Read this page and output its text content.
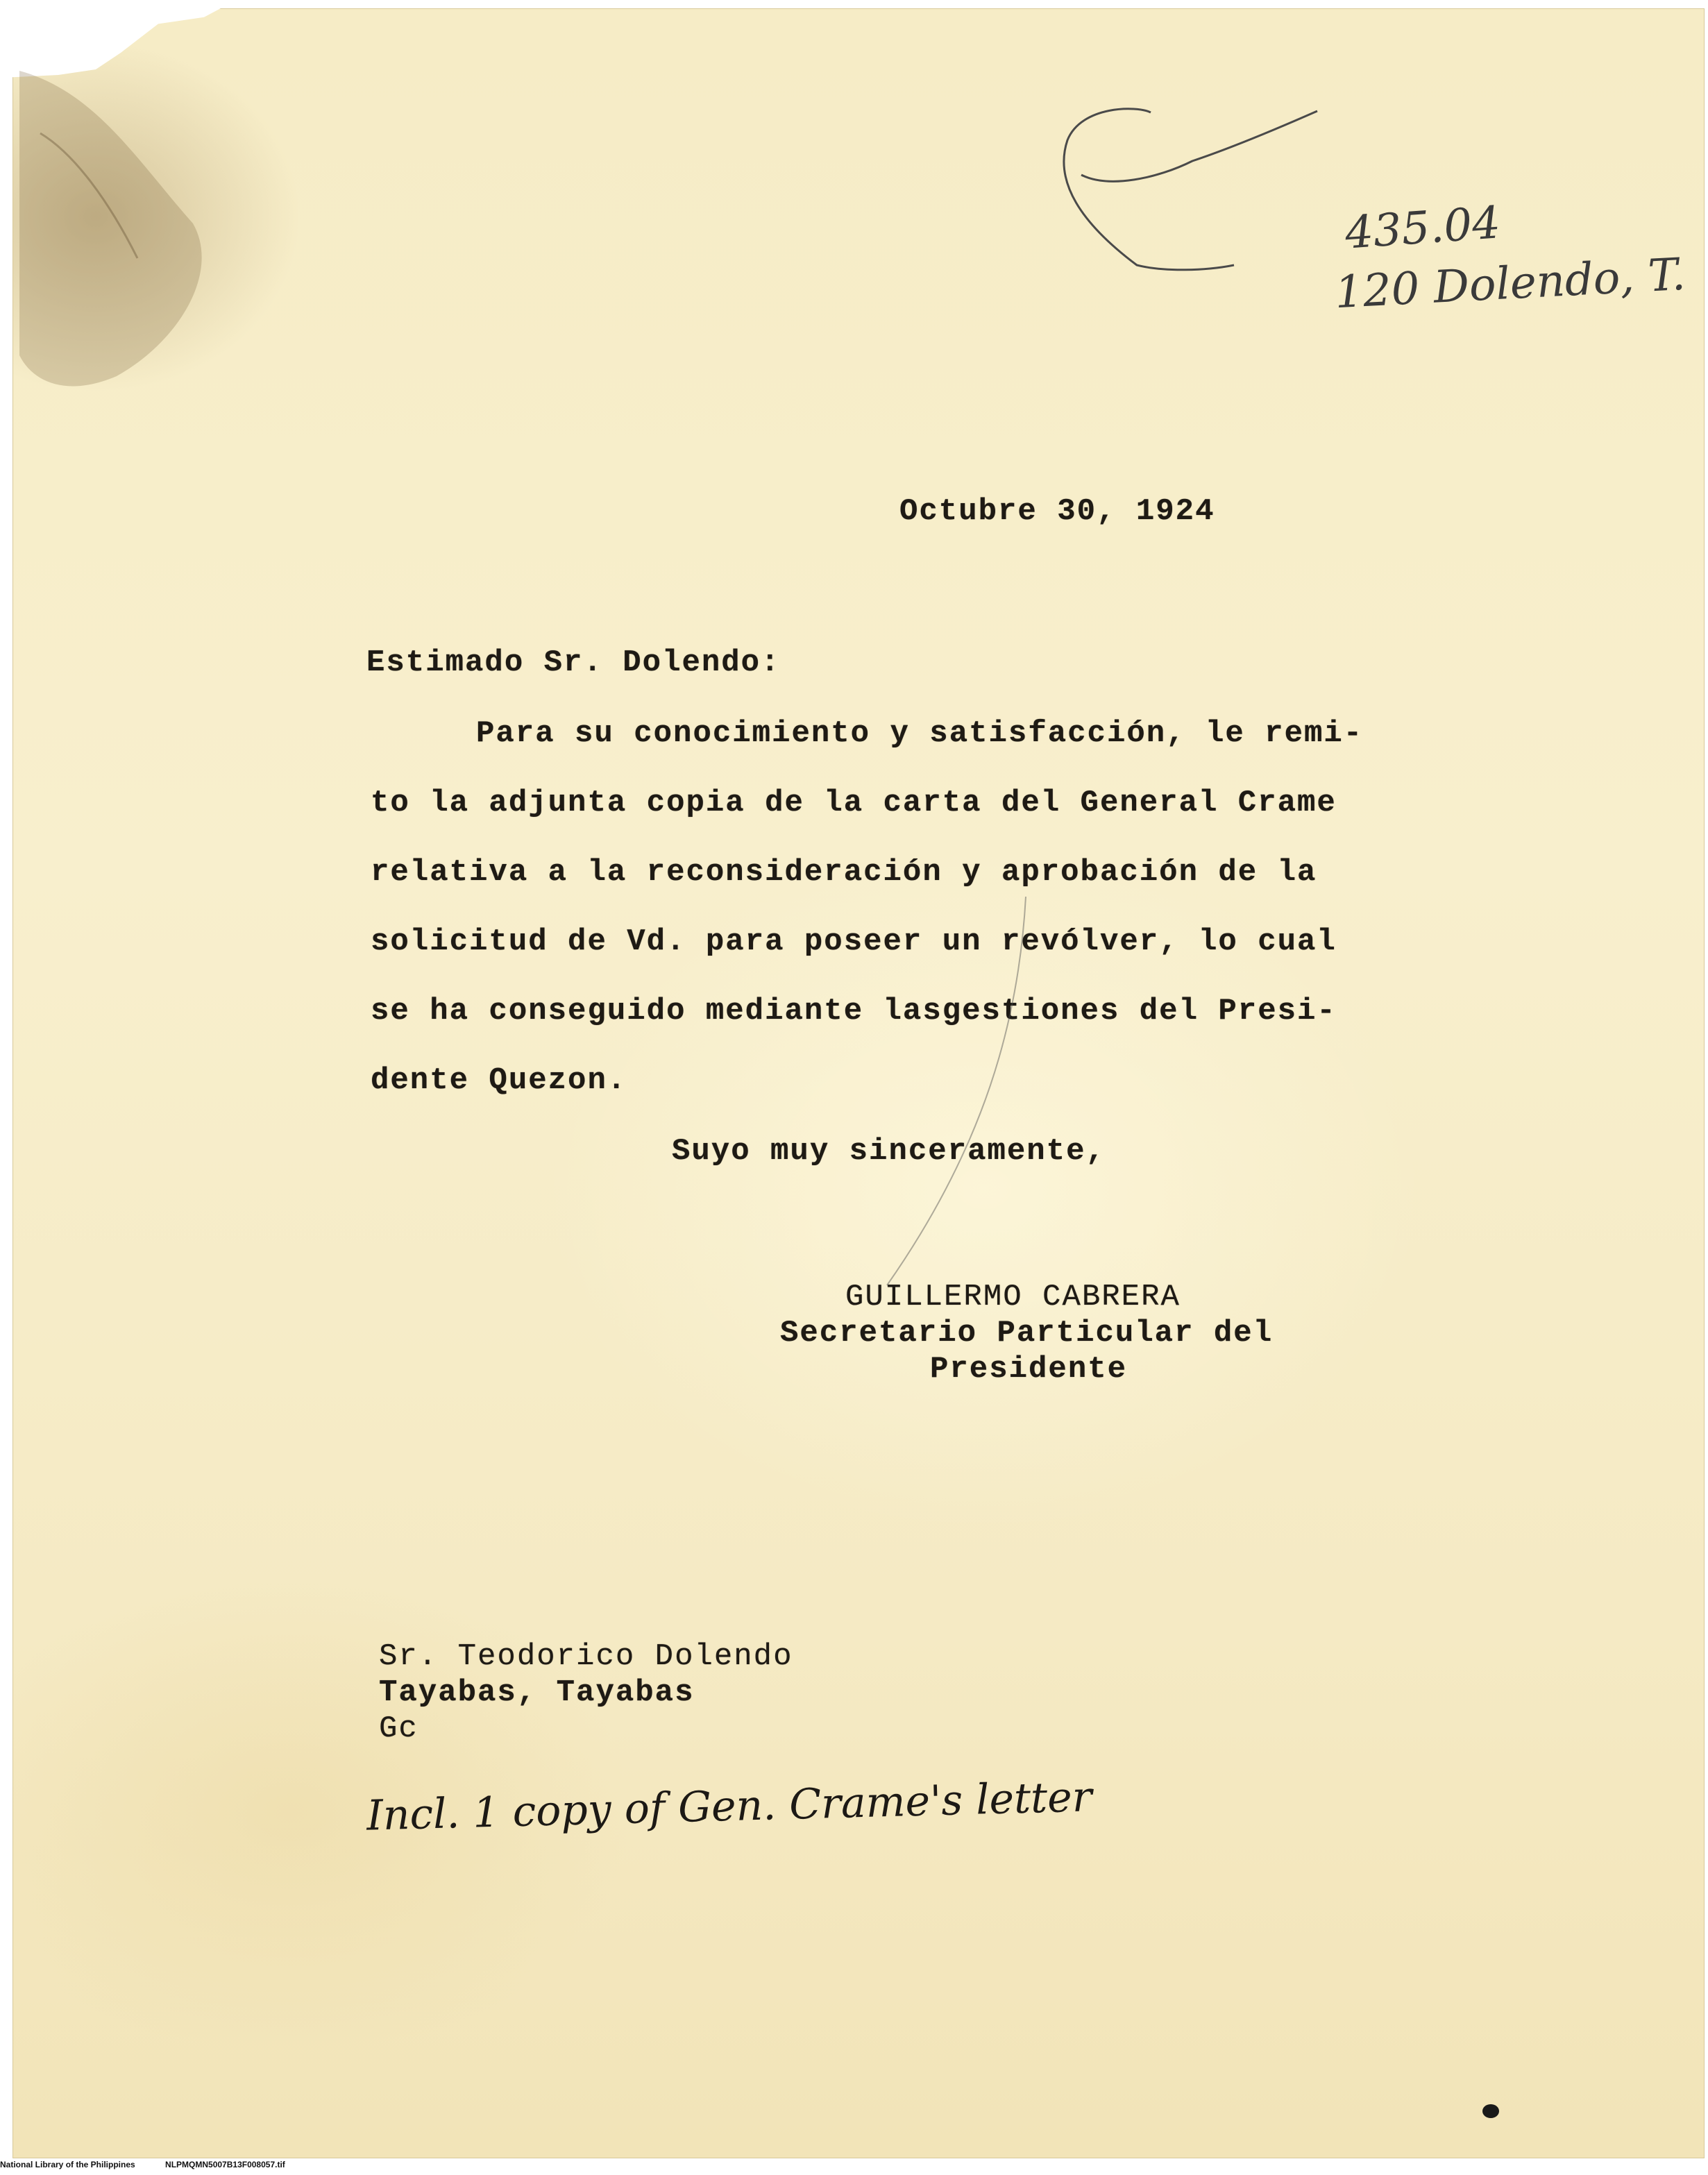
435.04
120 Dolendo, T.
Octubre 30, 1924
Estimado Sr. Dolendo:
Para su conocimiento y satisfacción, le remi-
to la adjunta copia de la carta del General Crame
relativa a la reconsideración y aprobación de la
solicitud de Vd. para poseer un revólver, lo cual
se ha conseguido mediante lasgestiones del Presi-
dente Quezon.
Suyo muy sinceramente,
GUILLERMO CABRERA
Secretario Particular del
Presidente
Sr. Teodorico Dolendo
Tayabas, Tayabas
Gc
Incl. 1 copy of Gen. Crame's letter
National Library of the Philippines	NLPMQMN5007B13F008057.tif
